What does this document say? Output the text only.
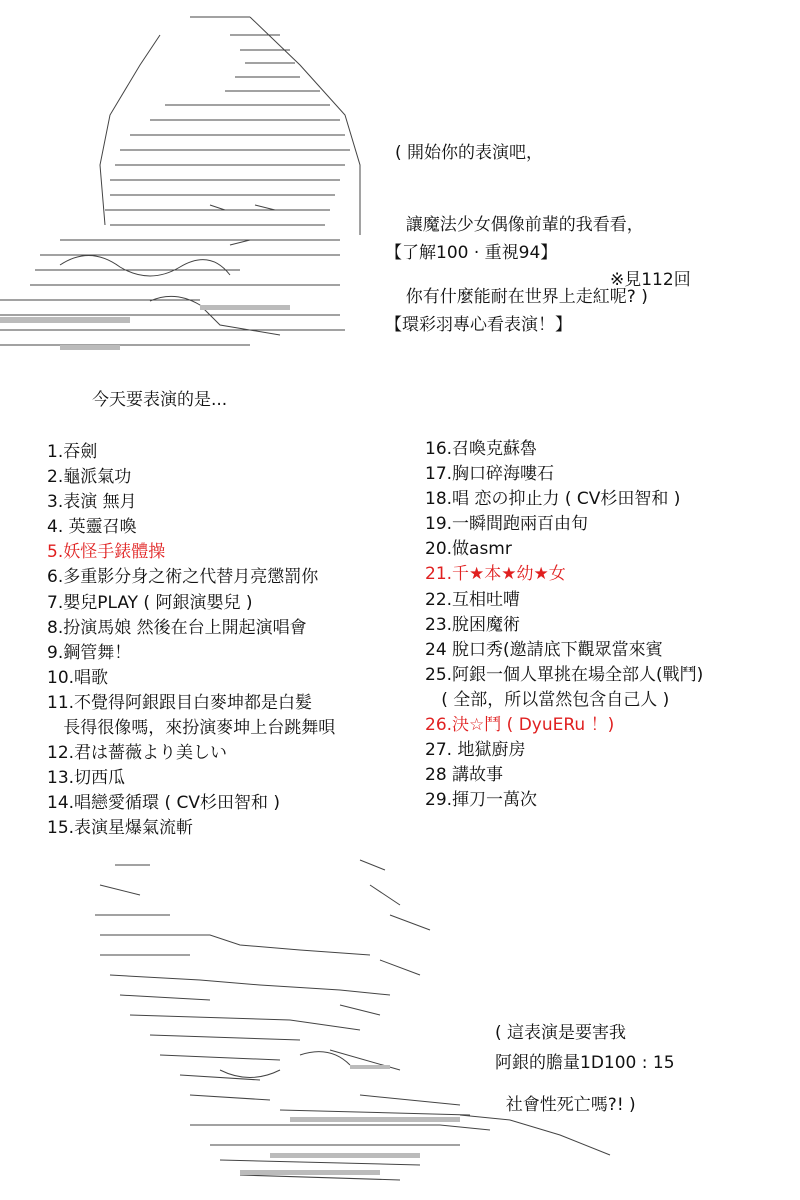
( 開始你的表演吧，

讓魔法少女偶像前輩的我看看，

你有什麼能耐在世界上走紅呢? )

【了解100 · 重視94】

【環彩羽專心看表演！】

※見112回
今天要表演的是...
1.吞劍
2.龜派氣功
3.表演 無月
4. 英靈召喚
5.妖怪手錶體操
6.多重影分身之術之代替月亮懲罰你
7.嬰兒PLAY ( 阿銀演嬰兒 )
8.扮演馬娘 然後在台上開起演唱會
9.鋼管舞！
10.唱歌
11.不覺得阿銀跟目白麥坤都是白髮
長得很像嗎，來扮演麥坤上台跳舞唄
12.君は薔薇より美しい
13.切西瓜
14.唱戀愛循環 ( CV杉田智和 )
15.表演星爆氣流斬
16.召喚克蘇魯
17.胸口碎海嘍石
18.唱 恋の抑止力 ( CV杉田智和 )
19.一瞬間跑兩百由旬
20.做asmr
21.千★本★幼★女
22.互相吐嘈
23.脫困魔術
24 脫口秀(邀請底下觀眾當來賓
25.阿銀一個人單挑在場全部人(戰鬥)
( 全部，所以當然包含自己人 )
26.決☆鬥 ( DyuERu ！)
27. 地獄廚房
28 講故事
29.揮刀一萬次

( 這表演是要害我

社會性死亡嗎?! )

阿銀的膽量1D100 : 15
